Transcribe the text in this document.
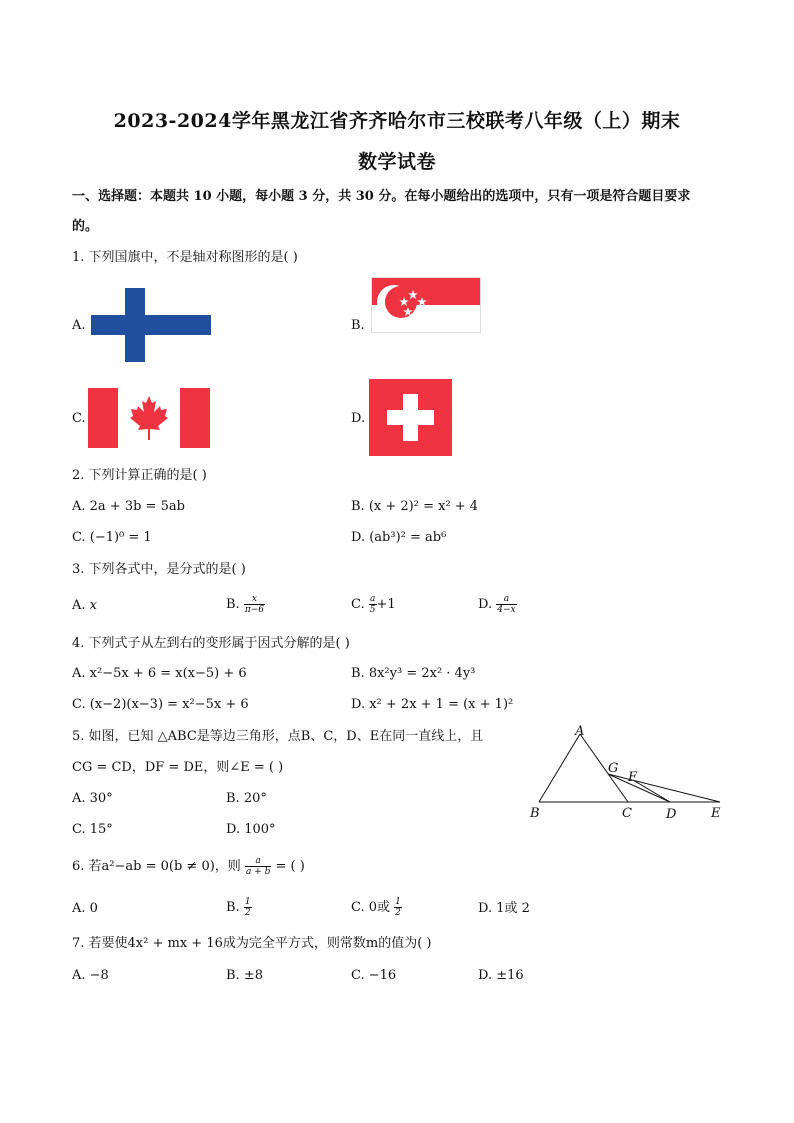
2023-2024学年黑龙江省齐齐哈尔市三校联考八年级（上）期末
数学试卷
一、选择题：本题共 10 小题，每小题 3 分，共 30 分。在每小题给出的选项中，只有一项是符合题目要求
的。
1. 下列国旗中，不是轴对称图形的是( )
A.	B.
C.	D.
2. 下列计算正确的是( )
A. 2a + 3b = 5ab	B. (x + 2)² = x² + 4
C. (−1)⁰ = 1	D. (ab³)² = ab⁶
3. 下列各式中，是分式的是( )
A. x	B. $\frac{x}{\pi-6}$	C. $\frac{a}{5} +1$	D. $\frac{a}{4-x}$
4. 下列式子从左到右的变形属于因式分解的是( )
A. x²−5x + 6 = x(x−5) + 6	B. 8x²y³ = 2x² · 4y³
C. (x−2)(x−3) = x²−5x + 6	D. x² + 2x + 1 = (x + 1)²
5. 如图，已知 △ABC是等边三角形，点B、C，D、E在同一直线上，且
CG = CD，DF = DE，则∠E = ( )
A. 30°	B. 20°
C. 15°	D. 100°
A
B	C	D	E
F
G
6. 若a²−ab = 0(b ≠ 0)，则 $\frac{a}{a + b}$ = ( )
A. 0	B. $\frac{1}{2}$	C. 0或 $\frac{1}{2}$	D. 1或 2
7. 若要使4x² + mx + 16成为完全平方式，则常数m的值为( )
A. −8	B. ±8	C. −16	D. ±16
